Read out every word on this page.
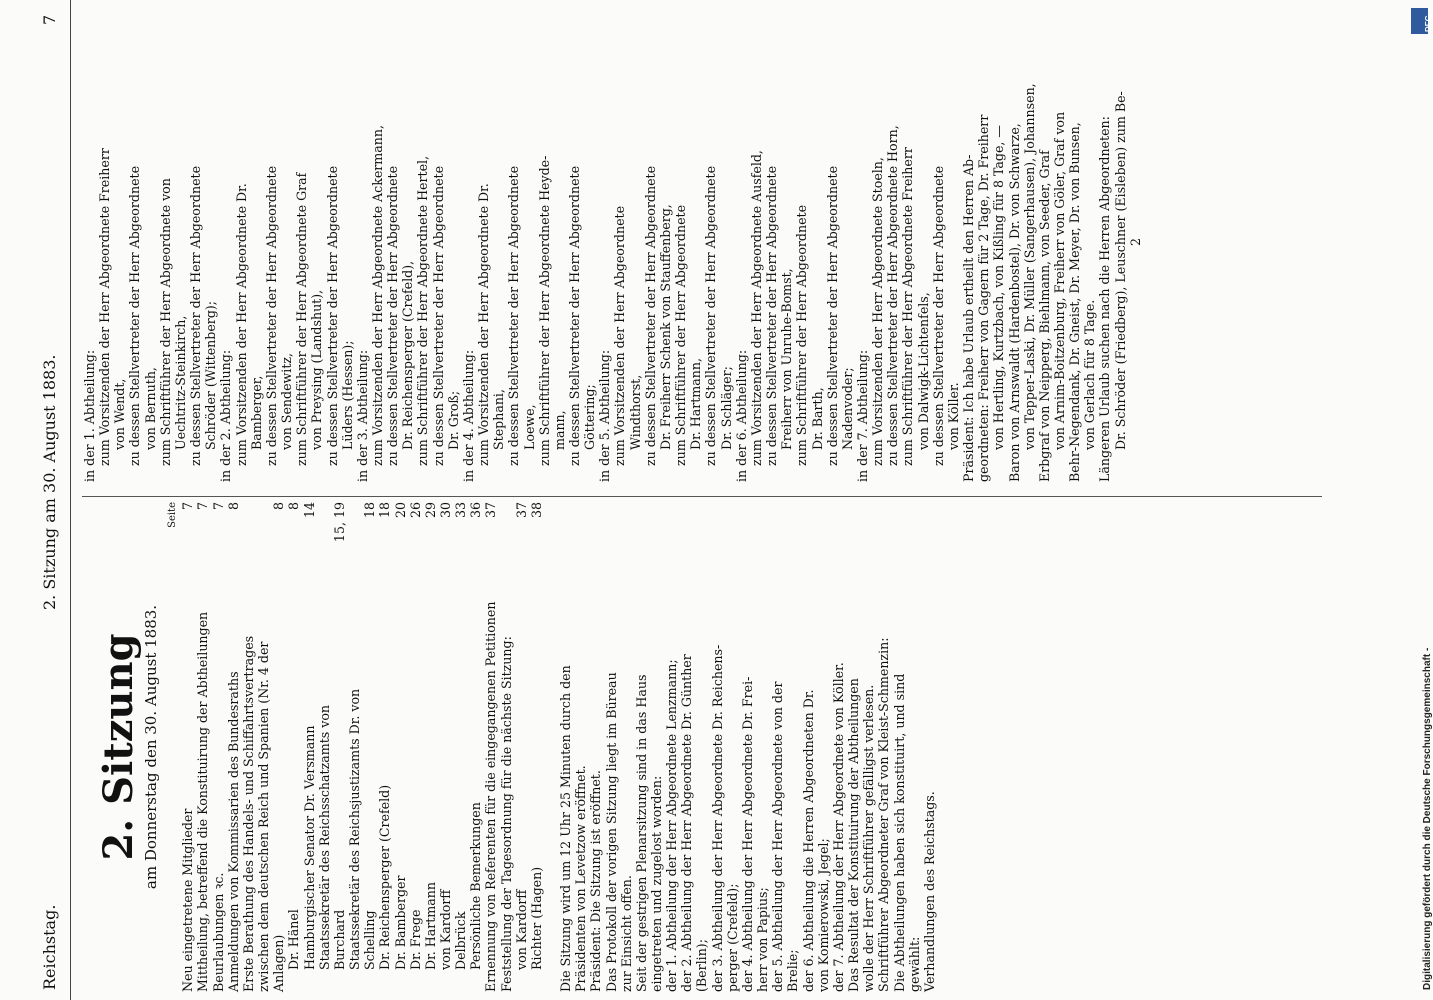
Reichstag.
2. Sitzung am 30. August 1883.
7
2. Sitzung am Donnerstag den 30. August 1883.
Seite
Neu eingetretene Mitglieder
7
Mittheilung, betreffend die Konstituirung der Abtheilungen
7
Beurlaubungen ꝛc.
7
Anmeldungen von Kommissarien des Bundesraths
8
Erste Berathung des Handels- und Schiffahrtsvertrages zwischen dem deutschen Reich und Spanien (Nr. 4 der Anlagen)
8
Dr. Hänel
8
Hamburgischer Senator Dr. Versmann
14
Staatssekretär des Reichsschatzamts von Burchard
15, 19
Staatssekretär des Reichsjustizamts Dr. von Schelling
18
Dr. Reichensperger (Crefeld)
18
Dr. Bamberger
20
Dr. Frege
26
Dr. Hartmann
29
von Kardorff
30
Delbrück
33
Persönliche Bemerkungen
36
Ernennung von Referenten für die eingegangenen Petitionen
37
Feststellung der Tagesordnung für die nächste Sitzung: von Kardorff
37
Richter (Hagen)
38
Die Sitzung wird um 12 Uhr 25 Minuten durch den Präsidenten von Levetzow eröffnet. Präsident: Die Sitzung ist eröffnet. Das Protokoll der vorigen Sitzung liegt im Büreau zur Einsicht offen. Seit der gestrigen Plenarsitzung sind in das Haus eingetreten und zugelost worden: der 1. Abtheilung der Herr Abgeordnete Lenzmann; der 2. Abtheilung der Herr Abgeordnete Dr. Günther (Berlin); der 3. Abtheilung der Herr Abgeordnete Dr. Reichens- perger (Crefeld); der 4. Abtheilung der Herr Abgeordnete Dr. Frei- herr von Papius; der 5. Abtheilung der Herr Abgeordnete von der Brelie; der 6. Abtheilung die Herren Abgeordneten Dr. von Komierowski, Jegel; der 7. Abtheilung der Herr Abgeordnete von Köller. Das Resultat der Konstituirung der Abtheilungen wolle der Herr Schriftführer gefälligst verlesen. Schriftführer Abgeordneter Graf von Kleist-Schmenzin: Die Abtheilungen haben sich konstituirt, und sind gewählt: Verhandlungen des Reichstags.
in der 1. Abtheilung: zum Vorsitzenden der Herr Abgeordnete Freiherr von Wendt, zu dessen Stellvertreter der Herr Abgeordnete von Bernuth, zum Schriftführer der Herr Abgeordnete von Uechtritz-Steinkirch, zu dessen Stellvertreter der Herr Abgeordnete Schröder (Wittenberg); in der 2. Abtheilung: zum Vorsitzenden der Herr Abgeordnete Dr. Bamberger, zu dessen Stellvertreter der Herr Abgeordnete von Sendewitz, zum Schriftführer der Herr Abgeordnete Graf von Preysing (Landshut), zu dessen Stellvertreter der Herr Abgeordnete Lüders (Hessen); in der 3. Abtheilung: zum Vorsitzenden der Herr Abgeordnete Ackermann, zu dessen Stellvertreter der Herr Abgeordnete Dr. Reichensperger (Crefeld), zum Schriftführer der Herr Abgeordnete Hertel, zu dessen Stellvertreter der Herr Abgeordnete Dr. Groß; in der 4. Abtheilung: zum Vorsitzenden der Herr Abgeordnete Dr. Stephani, zu dessen Stellvertreter der Herr Abgeordnete Loewe, zum Schriftführer der Herr Abgeordnete Heyde- mann, zu dessen Stellvertreter der Herr Abgeordnete Göttering; in der 5. Abtheilung: zum Vorsitzenden der Herr Abgeordnete Windthorst, zu dessen Stellvertreter der Herr Abgeordnete Dr. Freiherr Schenk von Stauffenberg, zum Schriftführer der Herr Abgeordnete Dr. Hartmann, zu dessen Stellvertreter der Herr Abgeordnete Dr. Schläger; in der 6. Abtheilung: zum Vorsitzenden der Herr Abgeordnete Ausfeld, zu dessen Stellvertreter der Herr Abgeordnete Freiherr von Unruhe-Bomst, zum Schriftführer der Herr Abgeordnete Dr. Barth, zu dessen Stellvertreter der Herr Abgeordnete Nadenvoder; in der 7. Abtheilung: zum Vorsitzenden der Herr Abgeordnete Stoeln, zu dessen Stellvertreter der Herr Abgeordnete Horn, zum Schriftführer der Herr Abgeordnete Freiherr von Dalwigk-Lichtenfels, zu dessen Stellvertreter der Herr Abgeordnete von Köller. Präsident: Ich habe Urlaub ertheilt den Herren Ab- geordneten: Freiherr von Gagern für 2 Tage, Dr. Freiherr von Hertling, Kurtzbach, von Kißling für 8 Tage, — Baron von Arnswaldt (Hardenbostel), Dr. von Schwarze, von Tepper-Laski, Dr. Müller (Sangerhausen), Johannsen, Erbgraf von Neipperg, Biehlmann, von Seeder, Graf von Arnim-Boitzenburg, Freiherr von Göler, Graf von Behr-Negendank, Dr. Gneist, Dr. Meyer, Dr. von Bunsen, von Gerlach für 8 Tage. Längeren Urlaub suchen nach die Herren Abgeordneten: Dr. Schröder (Friedberg), Leuschner (Eisleben) zum Be- 2
DFG
Digitalisierung gefördert durch die Deutsche Forschungsgemeinschaft -
